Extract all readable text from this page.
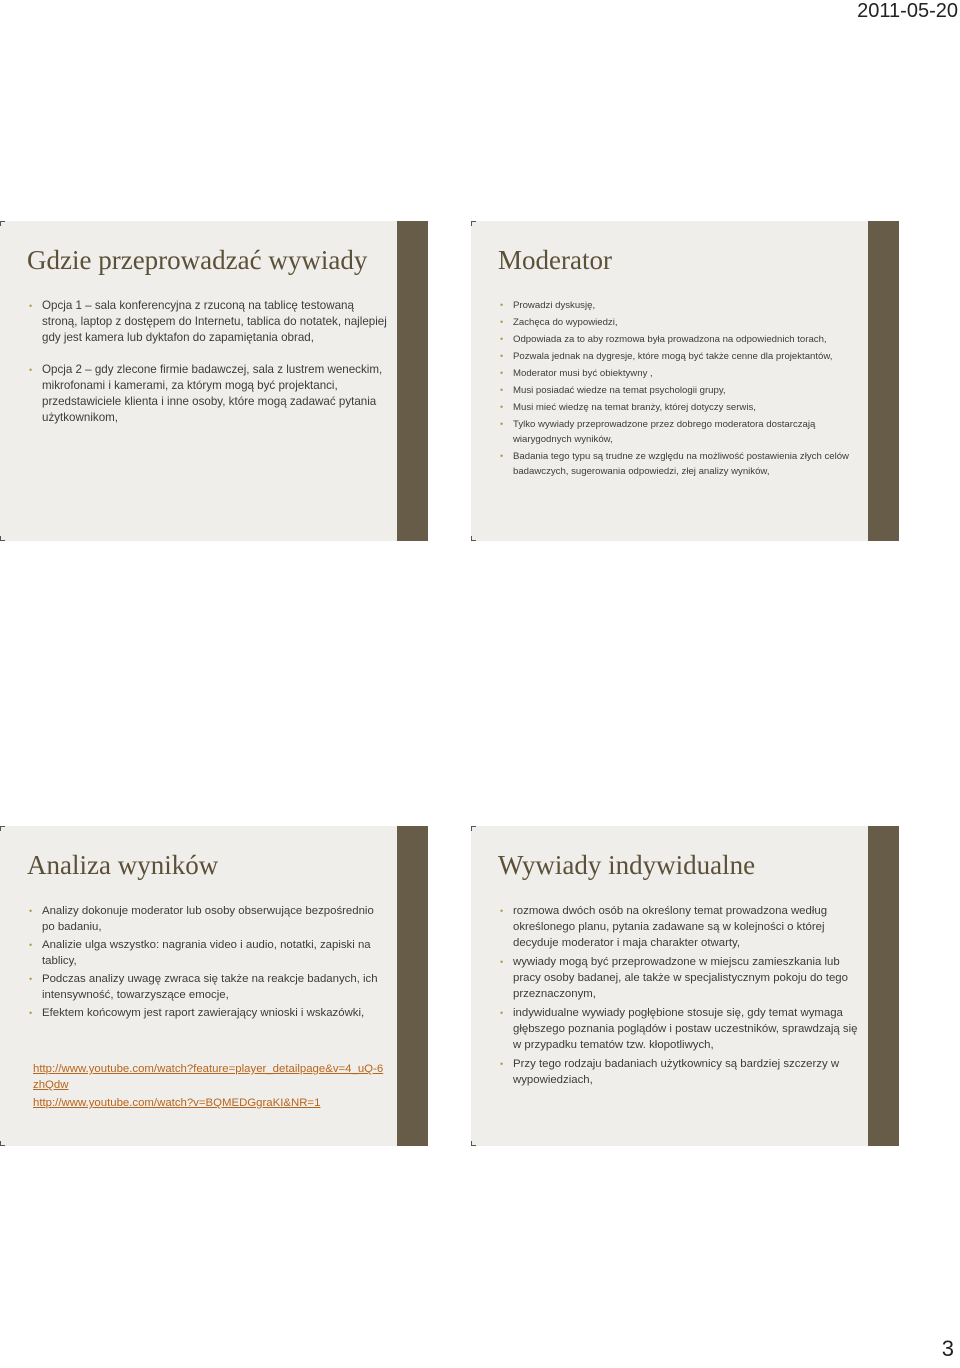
2011-05-20
Gdzie przeprowadzać wywiady
• Opcja 1 – sala konferencyjna z rzuconą na tablicę testowaną stroną, laptop z dostępem do Internetu, tablica do notatek, najlepiej gdy jest kamera lub dyktafon do zapamiętania obrad,
• Opcja 2 – gdy zlecone firmie badawczej, sala z lustrem weneckim, mikrofonami i kamerami, za którym mogą być projektanci, przedstawiciele klienta i inne osoby, które mogą zadawać pytania użytkownikom,
Moderator
• Prowadzi dyskusję,
• Zachęca do wypowiedzi,
• Odpowiada za to aby rozmowa była prowadzona na odpowiednich torach,
• Pozwala jednak na dygresje, które mogą być także cenne dla projektantów,
• Moderator musi być obiektywny ,
• Musi posiadać wiedze na temat psychologii grupy,
• Musi mieć wiedzę na temat branży, której dotyczy serwis,
• Tylko wywiady przeprowadzone przez dobrego moderatora dostarczają wiarygodnych wyników,
• Badania tego typu są trudne ze względu na możliwość postawienia złych celów badawczych, sugerowania odpowiedzi, złej analizy wyników,
Analiza wyników
• Analizy dokonuje moderator lub osoby obserwujące bezpośrednio po badaniu,
• Analizie ulga wszystko: nagrania video i audio, notatki, zapiski na tablicy,
• Podczas analizy uwagę zwraca się także na reakcje badanych, ich intensywność, towarzyszące emocje,
• Efektem końcowym jest raport zawierający wnioski i wskazówki,
http://www.youtube.com/watch?feature=player_detailpage&v=4_uQ-6zhQdw
http://www.youtube.com/watch?v=BQMEDGgraKI&NR=1
Wywiady indywidualne
• rozmowa dwóch osób na określony temat prowadzona według określonego planu, pytania zadawane są w kolejności o której decyduje moderator i maja charakter otwarty,
• wywiady mogą być przeprowadzone w miejscu zamieszkania lub pracy osoby badanej, ale także w specjalistycznym pokoju do tego przeznaczonym,
• indywidualne wywiady pogłębione stosuje się, gdy temat wymaga głębszego poznania poglądów i postaw uczestników, sprawdzają się w przypadku tematów tzw. kłopotliwych,
• Przy tego rodzaju badaniach użytkownicy są bardziej szczerzy w wypowiedziach,
3
